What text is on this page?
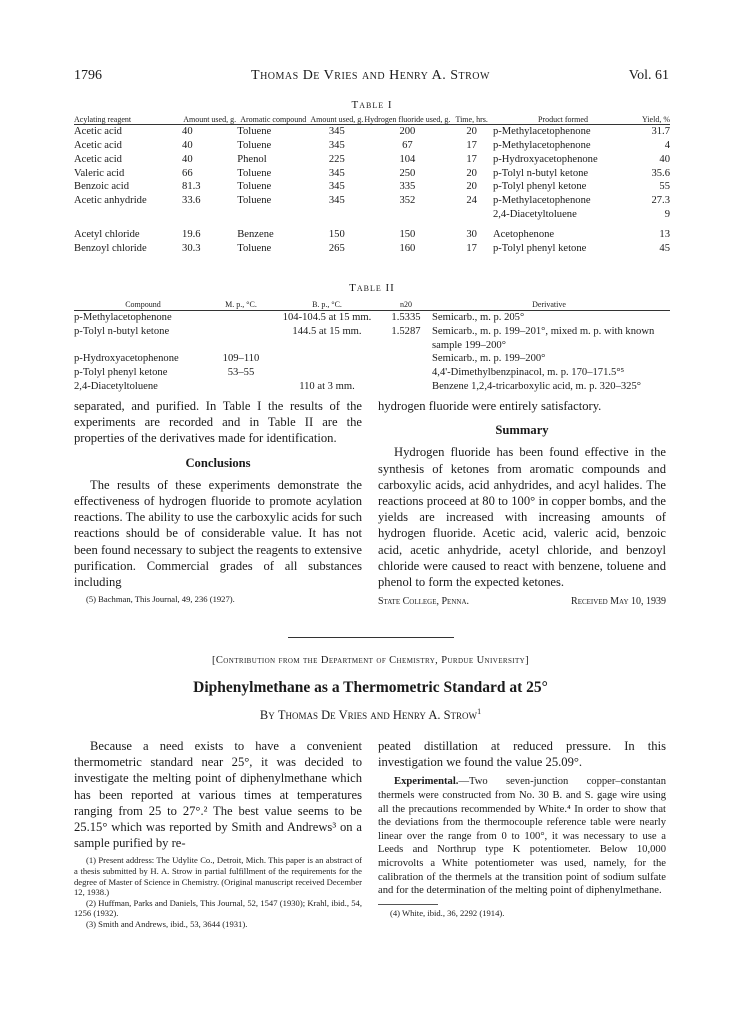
1796	Thomas De Vries and Henry A. Strow	Vol. 61
Table I
Acylating reagent	Amount used, g.	Aromatic compound	Amount used, g.	Hydrogen fluoride used, g.	Time, hrs.	Product formed	Yield, %
Acetic acid	40	Toluene	345	200	20	p-Methylacetophenone	31.7
Acetic acid	40	Toluene	345	67	17	p-Methylacetophenone	4
Acetic acid	40	Phenol	225	104	17	p-Hydroxyacetophenone	40
Valeric acid	66	Toluene	345	250	20	p-Tolyl n-butyl ketone	35.6
Benzoic acid	81.3	Toluene	345	335	20	p-Tolyl phenyl ketone	55
Acetic anhydride	33.6	Toluene	345	352	24	p-Methylacetophenone	27.3
						2,4-Diacetyltoluene	9
Acetyl chloride	19.6	Benzene	150	150	30	Acetophenone	13
Benzoyl chloride	30.3	Toluene	265	160	17	p-Tolyl phenyl ketone	45
Table II
Compound	M. p., °C.	B. p., °C.	n20	Derivative
p-Methylacetophenone		104-104.5 at 15 mm.	1.5335	Semicarb., m. p. 205°
p-Tolyl n-butyl ketone		144.5 at 15 mm.	1.5287	Semicarb., m. p. 199–201°, mixed m. p. with known sample 199–200°
p-Hydroxyacetophenone	109–110			Semicarb., m. p. 199–200°
p-Tolyl phenyl ketone	53–55			4,4'-Dimethylbenzpinacol, m. p. 170–171.5°⁵
2,4-Diacetyltoluene		110 at 3 mm.		Benzene 1,2,4-tricarboxylic acid, m. p. 320–325°

separated, and purified. In Table I the results of the experiments are recorded and in Table II are the properties of the derivatives made for identification.

Conclusions

The results of these experiments demonstrate the effectiveness of hydrogen fluoride to promote acylation reactions. The ability to use the carboxylic acids for such reactions should be of considerable value. It has not been found necessary to subject the reagents to extensive purification. Commercial grades of all substances including

(5) Bachman, This Journal, 49, 236 (1927).

hydrogen fluoride were entirely satisfactory.

Summary

Hydrogen fluoride has been found effective in the synthesis of ketones from aromatic compounds and carboxylic acids, acid anhydrides, and acyl halides. The reactions proceed at 80 to 100° in copper bombs, and the yields are increased with increasing amounts of hydrogen fluoride. Acetic acid, valeric acid, benzoic acid, acetic anhydride, acetyl chloride, and benzoyl chloride were caused to react with benzene, toluene and phenol to form the expected ketones.

State College, Penna.	Received May 10, 1939
[Contribution from the Department of Chemistry, Purdue University]
Diphenylmethane as a Thermometric Standard at 25°
By Thomas De Vries and Henry A. Strow$^1$

Because a need exists to have a convenient thermometric standard near 25°, it was decided to investigate the melting point of diphenylmethane which has been reported at various times at temperatures ranging from 25 to 27°.² The best value seems to be 25.15° which was reported by Smith and Andrews³ on a sample purified by re-

(1) Present address: The Udylite Co., Detroit, Mich. This paper is an abstract of a thesis submitted by H. A. Strow in partial fulfillment of the requirements for the degree of Master of Science in Chemistry. (Original manuscript received December 12, 1938.)

(2) Huffman, Parks and Daniels, This Journal, 52, 1547 (1930); Krahl, ibid., 54, 1256 (1932).

(3) Smith and Andrews, ibid., 53, 3644 (1931).

peated distillation at reduced pressure. In this investigation we found the value 25.09°.

Experimental.—Two seven-junction copper–constantan thermels were constructed from No. 30 B. and S. gage wire using all the precautions recommended by White.⁴ In order to show that the deviations from the thermocouple reference table were nearly linear over the range from 0 to 100°, it was necessary to use a Leeds and Northrup type K potentiometer. Below 10,000 microvolts a White potentiometer was used, namely, for the calibration of the thermels at the transition point of sodium sulfate and for the determination of the melting point of diphenylmethane.

(4) White, ibid., 36, 2292 (1914).
